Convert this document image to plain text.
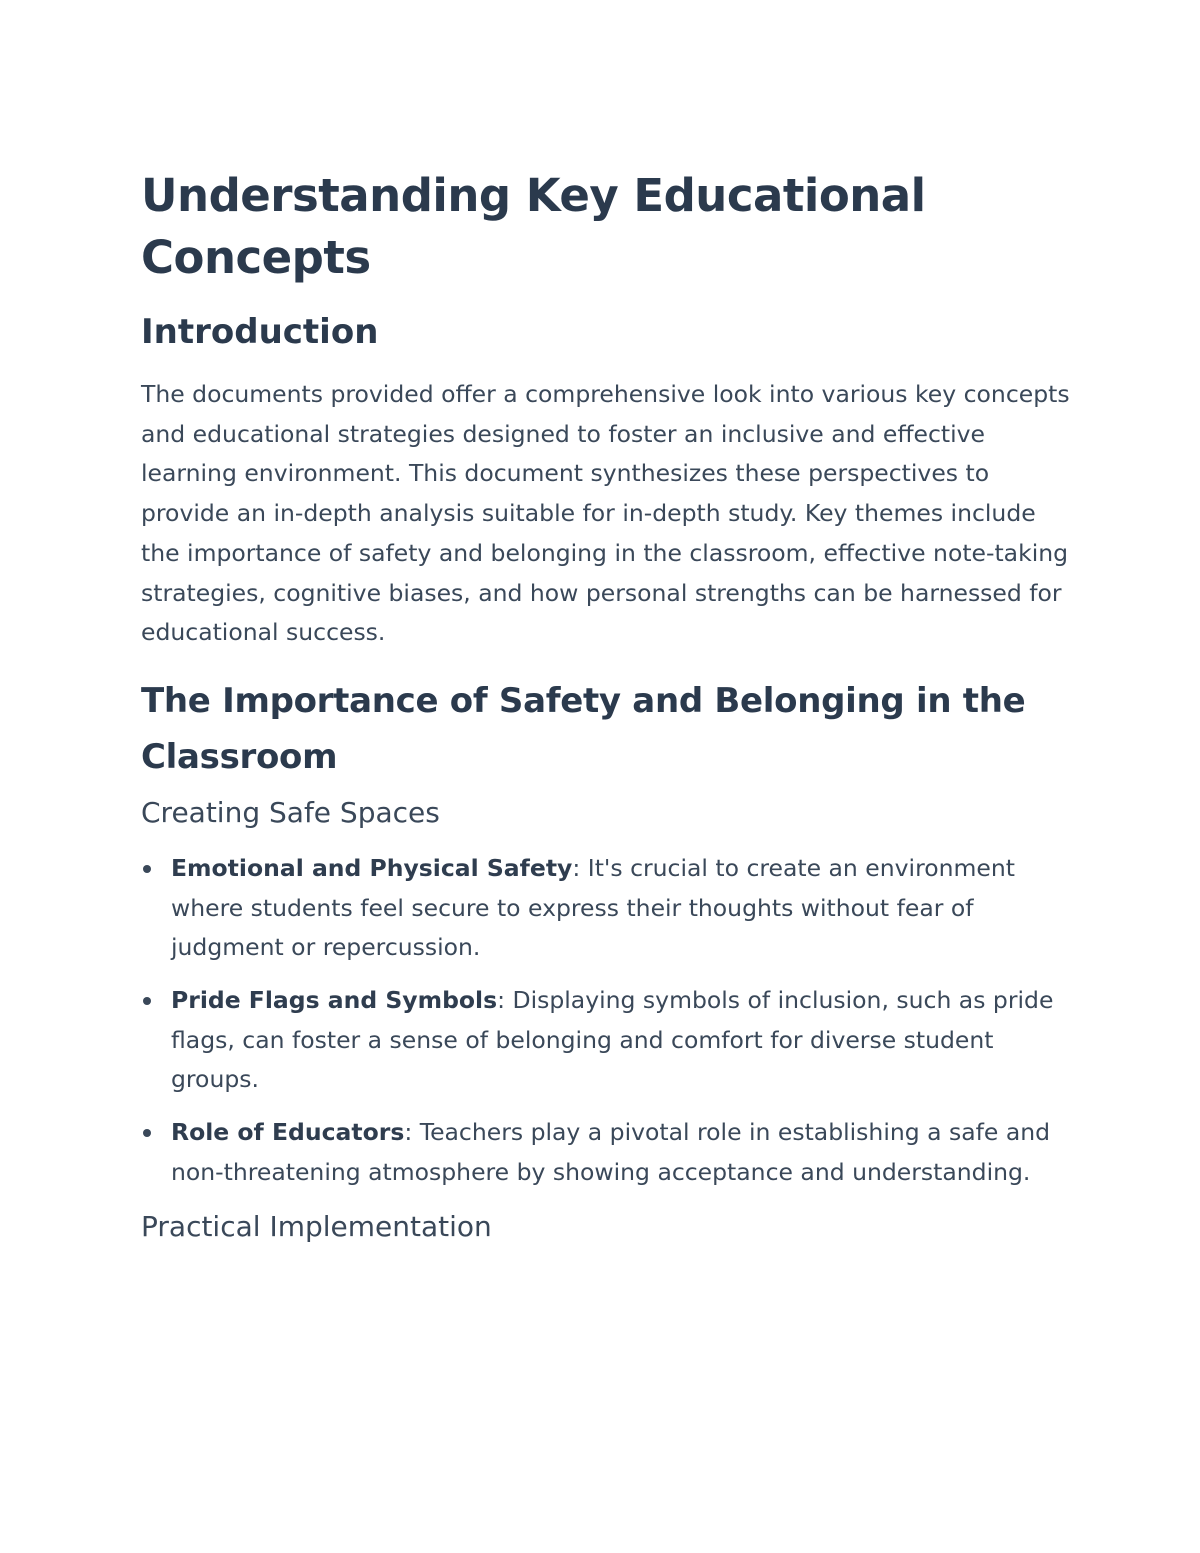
Understanding Key Educational Concepts
Introduction

The documents provided offer a comprehensive look into various key concepts and educational strategies designed to foster an inclusive and effective learning environment. This document synthesizes these perspectives to provide an in-depth analysis suitable for in-depth study. Key themes include the importance of safety and belonging in the classroom, effective note-taking strategies, cognitive biases, and how personal strengths can be harnessed for educational success.

The Importance of Safety and Belonging in the Classroom
Creating Safe Spaces
Emotional and Physical Safety: It's crucial to create an environment where students feel secure to express their thoughts without fear of judgment or repercussion.
Pride Flags and Symbols: Displaying symbols of inclusion, such as pride flags, can foster a sense of belonging and comfort for diverse student groups.
Role of Educators: Teachers play a pivotal role in establishing a safe and non-threatening atmosphere by showing acceptance and understanding.
Practical Implementation
